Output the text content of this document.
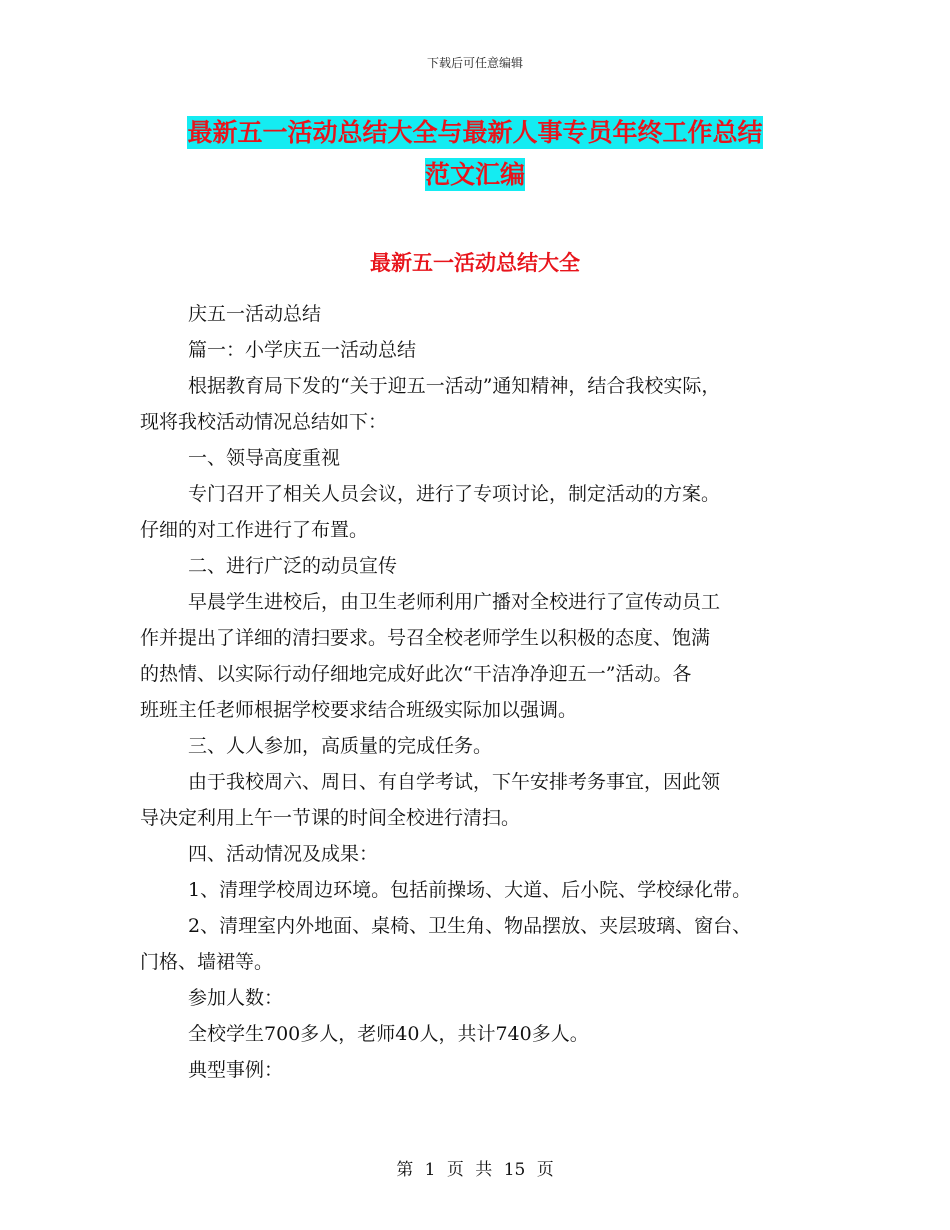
下载后可任意编辑
最新五一活动总结大全与最新人事专员年终工作总结
范文汇编
最新五一活动总结大全
庆五一活动总结
篇一：小学庆五一活动总结
根据教育局下发的“关于迎五一活动”通知精神，结合我校实际，
现将我校活动情况总结如下：
一、领导高度重视
专门召开了相关人员会议，进行了专项讨论，制定活动的方案。
仔细的对工作进行了布置。
二、进行广泛的动员宣传
早晨学生进校后，由卫生老师利用广播对全校进行了宣传动员工
作并提出了详细的清扫要求。号召全校老师学生以积极的态度、饱满
的热情、以实际行动仔细地完成好此次“干洁净净迎五一”活动。各
班班主任老师根据学校要求结合班级实际加以强调。
三、人人参加，高质量的完成任务。
由于我校周六、周日、有自学考试，下午安排考务事宜，因此领
导决定利用上午一节课的时间全校进行清扫。
四、活动情况及成果：
1、清理学校周边环境。包括前操场、大道、后小院、学校绿化带。
2、清理室内外地面、桌椅、卫生角、物品摆放、夹层玻璃、窗台、
门格、墙裙等。
参加人数：
全校学生700多人，老师40人，共计740多人。
典型事例：
第 1 页 共 15 页
